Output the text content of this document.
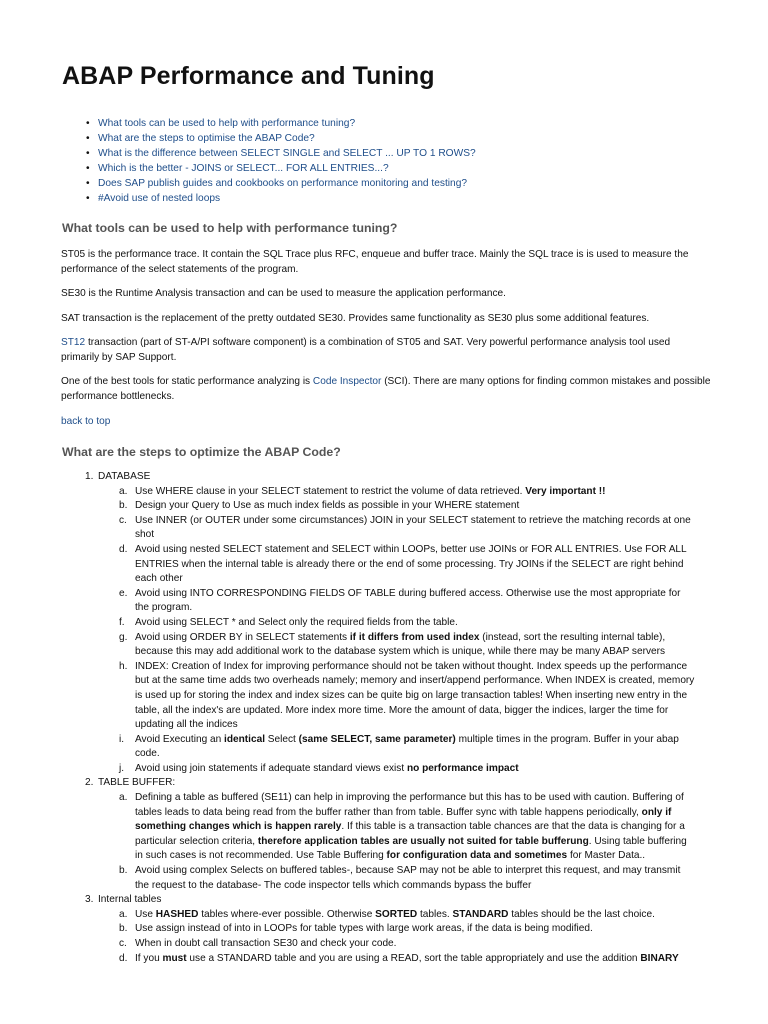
ABAP Performance and Tuning
• What tools can be used to help with performance tuning?
• What are the steps to optimise the ABAP Code?
• What is the difference between SELECT SINGLE and SELECT ... UP TO 1 ROWS?
• Which is the better - JOINS or SELECT... FOR ALL ENTRIES...?
• Does SAP publish guides and cookbooks on performance monitoring and testing?
• #Avoid use of nested loops
What tools can be used to help with performance tuning?

ST05 is the performance trace. It contain the SQL Trace plus RFC, enqueue and buffer trace. Mainly the SQL trace is is used to measure the performance of the select statements of the program.

SE30 is the Runtime Analysis transaction and can be used to measure the application performance.

SAT transaction is the replacement of the pretty outdated SE30. Provides same functionality as SE30 plus some additional features.

ST12 transaction (part of ST-A/PI software component) is a combination of ST05 and SAT. Very powerful performance analysis tool used primarily by SAP Support.

One of the best tools for static performance analyzing is Code Inspector (SCI). There are many options for finding common mistakes and possible performance bottlenecks.

back to top

What are the steps to optimize the ABAP Code?
1. DATABASE
a. Use WHERE clause in your SELECT statement to restrict the volume of data retrieved. Very important !!
b. Design your Query to Use as much index fields as possible in your WHERE statement
c. Use INNER (or OUTER under some circumstances) JOIN in your SELECT statement to retrieve the matching records at one shot
d. Avoid using nested SELECT statement and SELECT within LOOPs, better use JOINs or FOR ALL ENTRIES. Use FOR ALL ENTRIES when the internal table is already there or the end of some processing. Try JOINs if the SELECT are right behind each other
e. Avoid using INTO CORRESPONDING FIELDS OF TABLE during buffered access. Otherwise use the most appropriate for the program.
f. Avoid using SELECT * and Select only the required fields from the table.
g. Avoid using ORDER BY in SELECT statements if it differs from used index (instead, sort the resulting internal table), because this may add additional work to the database system which is unique, while there may be many ABAP servers
h. INDEX: Creation of Index for improving performance should not be taken without thought. Index speeds up the performance but at the same time adds two overheads namely; memory and insert/append performance. When INDEX is created, memory is used up for storing the index and index sizes can be quite big on large transaction tables! When inserting new entry in the table, all the index's are updated. More index more time. More the amount of data, bigger the indices, larger the time for updating all the indices
i. Avoid Executing an identical Select (same SELECT, same parameter) multiple times in the program. Buffer in your abap code.
j. Avoid using join statements if adequate standard views exist no performance impact
2. TABLE BUFFER:
a. Defining a table as buffered (SE11) can help in improving the performance but this has to be used with caution. Buffering of tables leads to data being read from the buffer rather than from table. Buffer sync with table happens periodically, only if something changes which is happen rarely. If this table is a transaction table chances are that the data is changing for a particular selection criteria, therefore application tables are usually not suited for table bufferung. Using table buffering in such cases is not recommended. Use Table Buffering for configuration data and sometimes for Master Data..
b. Avoid using complex Selects on buffered tables-, because SAP may not be able to interpret this request, and may transmit the request to the database- The code inspector tells which commands bypass the buffer
3. Internal tables
a. Use HASHED tables where-ever possible. Otherwise SORTED tables. STANDARD tables should be the last choice.
b. Use assign instead of into in LOOPs for table types with large work areas, if the data is being modified.
c. When in doubt call transaction SE30 and check your code.
d. If you must use a STANDARD table and you are using a READ, sort the table appropriately and use the addition BINARY
